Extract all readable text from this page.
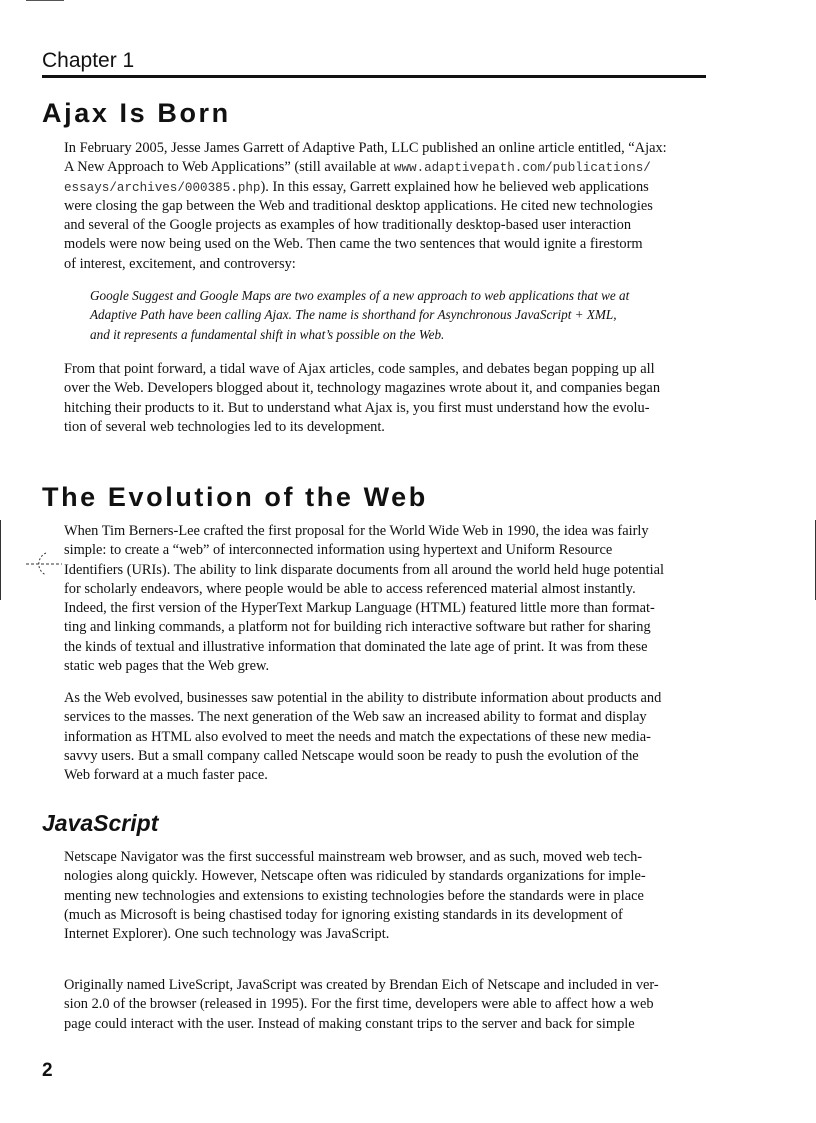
Chapter 1
Ajax Is Born
In February 2005, Jesse James Garrett of Adaptive Path, LLC published an online article entitled, “Ajax:
A New Approach to Web Applications” (still available at www.adaptivepath.com/publications/
essays/archives/000385.php). In this essay, Garrett explained how he believed web applications
were closing the gap between the Web and traditional desktop applications. He cited new technologies
and several of the Google projects as examples of how traditionally desktop-based user interaction
models were now being used on the Web. Then came the two sentences that would ignite a firestorm
of interest, excitement, and controversy:
Google Suggest and Google Maps are two examples of a new approach to web applications that we at
Adaptive Path have been calling Ajax. The name is shorthand for Asynchronous JavaScript + XML,
and it represents a fundamental shift in what’s possible on the Web.
From that point forward, a tidal wave of Ajax articles, code samples, and debates began popping up all
over the Web. Developers blogged about it, technology magazines wrote about it, and companies began
hitching their products to it. But to understand what Ajax is, you first must understand how the evolu-
tion of several web technologies led to its development.
The Evolution of the Web
When Tim Berners-Lee crafted the first proposal for the World Wide Web in 1990, the idea was fairly
simple: to create a “web” of interconnected information using hypertext and Uniform Resource
Identifiers (URIs). The ability to link disparate documents from all around the world held huge potential
for scholarly endeavors, where people would be able to access referenced material almost instantly.
Indeed, the first version of the HyperText Markup Language (HTML) featured little more than format-
ting and linking commands, a platform not for building rich interactive software but rather for sharing
the kinds of textual and illustrative information that dominated the late age of print. It was from these
static web pages that the Web grew.
As the Web evolved, businesses saw potential in the ability to distribute information about products and
services to the masses. The next generation of the Web saw an increased ability to format and display
information as HTML also evolved to meet the needs and match the expectations of these new media-
savvy users. But a small company called Netscape would soon be ready to push the evolution of the
Web forward at a much faster pace.
JavaScript
Netscape Navigator was the first successful mainstream web browser, and as such, moved web tech-
nologies along quickly. However, Netscape often was ridiculed by standards organizations for imple-
menting new technologies and extensions to existing technologies before the standards were in place
(much as Microsoft is being chastised today for ignoring existing standards in its development of
Internet Explorer). One such technology was JavaScript.
Originally named LiveScript, JavaScript was created by Brendan Eich of Netscape and included in ver-
sion 2.0 of the browser (released in 1995). For the first time, developers were able to affect how a web
page could interact with the user. Instead of making constant trips to the server and back for simple
2
